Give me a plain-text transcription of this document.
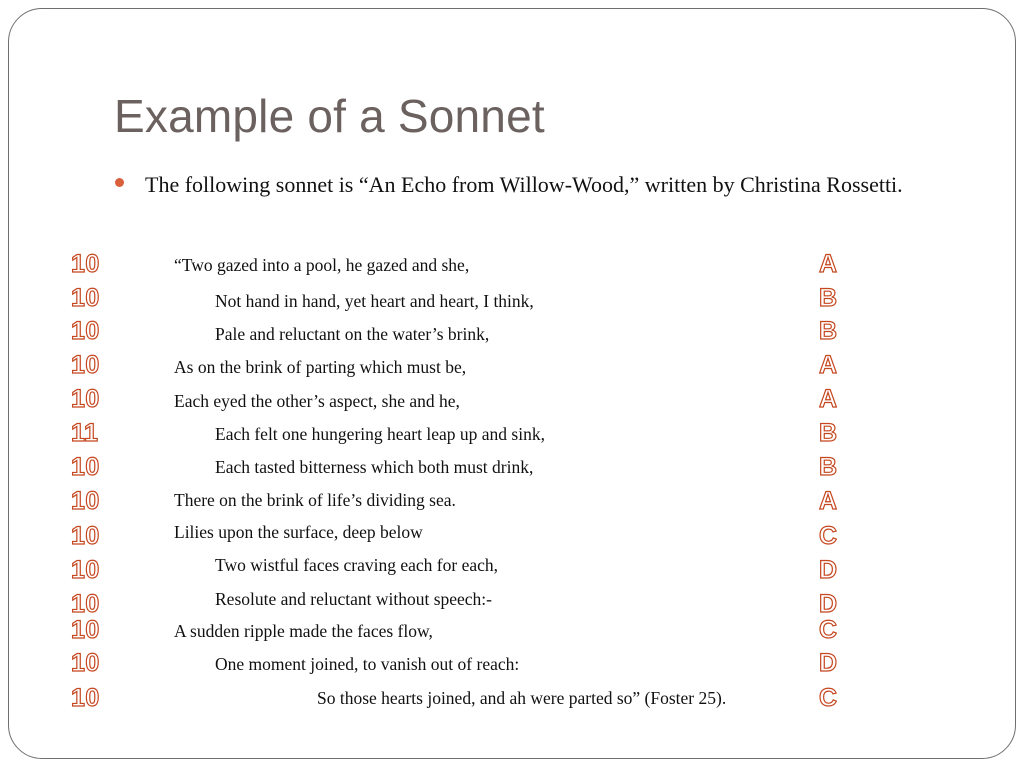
Example of a Sonnet
The following sonnet is “An Echo from Willow-Wood,” written by Christina Rossetti.
“Two gazed into a pool, he gazed and she,
Not hand in hand, yet heart and heart, I think,
Pale and reluctant on the water’s brink,
As on the brink of parting which must be,
Each eyed the other’s aspect, she and he,
Each felt one hungering heart leap up and sink,
Each tasted bitterness which both must drink,
There on the brink of life’s dividing sea.
Lilies upon the surface, deep below
Two wistful faces craving each for each,
Resolute and reluctant without speech:-
A sudden ripple made the faces flow,
One moment joined, to vanish out of reach:
So those hearts joined, and ah were parted so” (Foster 25).
10
10
10
10
10
11
10
10
10
10
10
10
10
10
A
B
B
A
A
B
B
A
C
D
D
C
D
C
